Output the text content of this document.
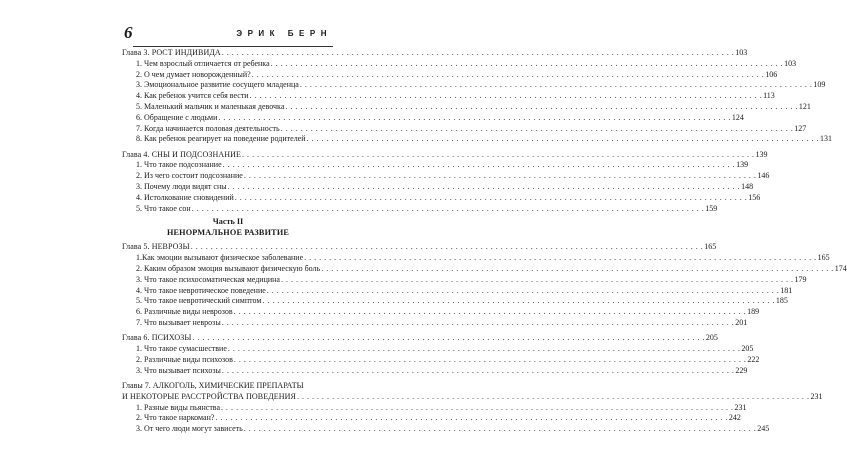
6	ЭРИК БЕРН
Глава 3. РОСТ ИНДИВИДА . . .	103
1. Чем взрослый отличается от ребенка . . .	103
2. О чем думает новорожденный? . . .	106
3. Эмоциональное развитие сосущего младенца . . .	109
4. Как ребенок учится себя вести . . .	113
5. Маленький мальчик и маленькая девочка . . .	121
6. Обращение с людьми . . .	124
7. Когда начинается половая деятельность . . .	127
8. Как ребенок реагирует на поведение родителей . . .	131
Глава 4. СНЫ И ПОДСОЗНАНИЕ . . .	139
1. Что такое подсознание . . .	139
2. Из чего состоит подсознание . . .	146
3. Почему люди видят сны . . .	148
4. Истолкование сновидений . . .	156
5. Что такое сон . . .	159
Часть II
НЕНОРМАЛЬНОЕ РАЗВИТИЕ
Глава 5. НЕВРОЗЫ . . .	165
1.Как эмоции вызывают физическое заболевание . . .	165
2. Каким образом эмоция вызывают физическую боль . . .	174
3. Что такое психосоматическая медицина . . .	179
4. Что такое невротическое поведение . . .	181
5. Что такое невротический симптом . . .	185
6. Различные виды неврозов . . .	189
7. Что вызывает неврозы . . .	201
Глава 6. ПСИХОЗЫ . . .	205
1. Что такое сумасшествие . . .	205
2. Различные виды психозов . . .	222
3. Что вызывает психозы . . .	229
Главы 7. АЛКОГОЛЬ, ХИМИЧЕСКИЕ ПРЕПАРАТЫ
И НЕКОТОРЫЕ РАССТРОЙСТВА ПОВЕДЕНИЯ . . .	231
1. Разные виды пьянства . . .	231
2. Что такое наркоман? . . .	242
3. От чего люди могут зависеть . . .	245
